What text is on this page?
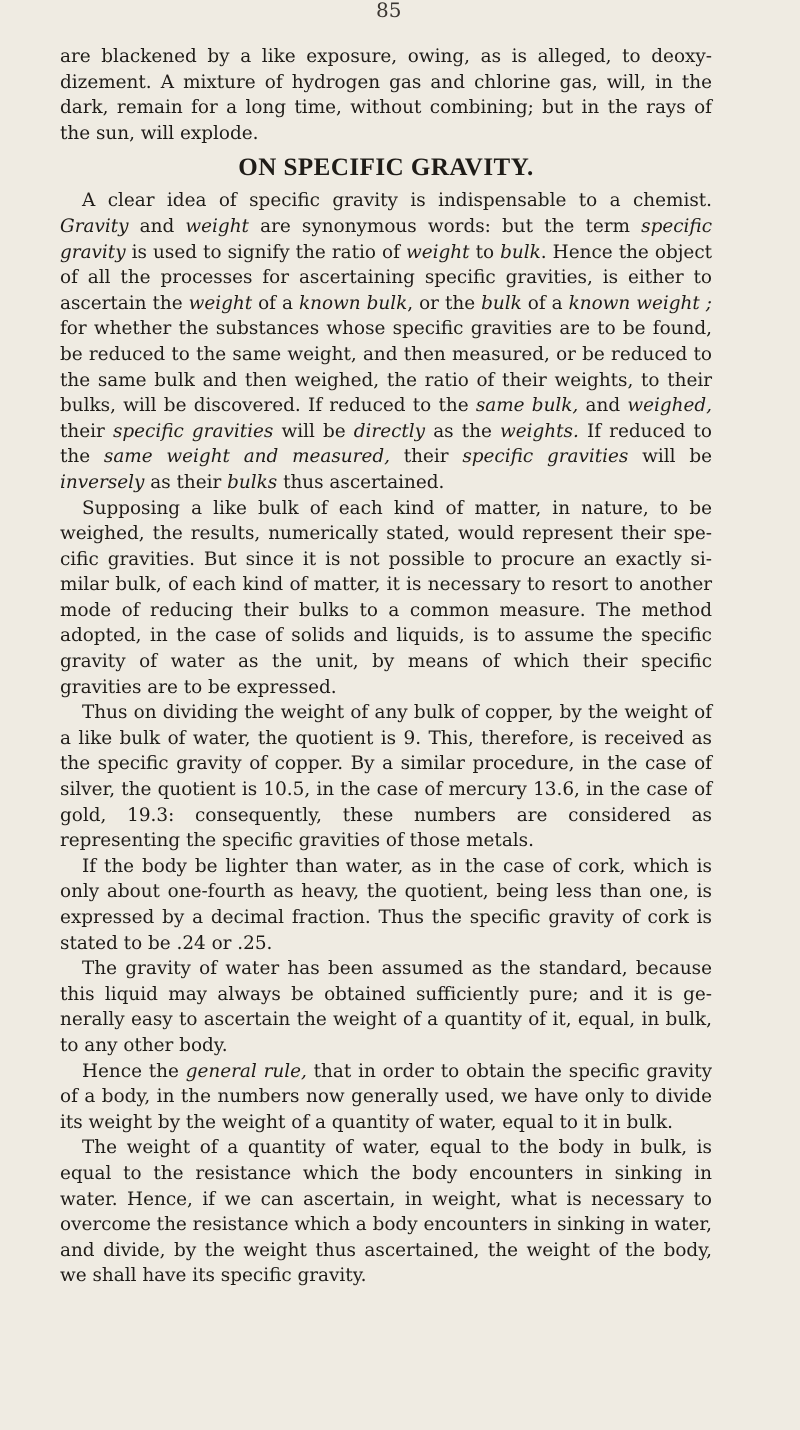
85

are blackened by a like exposure, owing, as is alleged, to deoxydizement. A mixture of hydrogen gas and chlorine gas, will, in the dark, remain for a long time, without combining; but in the rays of the sun, will explode.

ON SPECIFIC GRAVITY.

A clear idea of specific gravity is indispensable to a chemist. Gravity and weight are synonymous words: but the term specific gravity is used to signify the ratio of weight to bulk. Hence the object of all the processes for ascertaining specific gravities, is either to ascertain the weight of a known bulk, or the bulk of a known weight ; for whether the substances whose specific gravities are to be found, be reduced to the same weight, and then measured, or be reduced to the same bulk and then weighed, the ratio of their weights, to their bulks, will be discovered. If reduced to the same bulk, and weighed, their specific gravities will be directly as the weights. If reduced to the same weight and measured, their specific gravities will be inversely as their bulks thus ascertained.

Supposing a like bulk of each kind of matter, in nature, to be weighed, the results, numerically stated, would represent their specific gravities. But since it is not possible to procure an exactly similar bulk, of each kind of matter, it is necessary to resort to another mode of reducing their bulks to a common measure. The method adopted, in the case of solids and liquids, is to assume the specific gravity of water as the unit, by means of which their specific gravities are to be expressed.

Thus on dividing the weight of any bulk of copper, by the weight of a like bulk of water, the quotient is 9. This, therefore, is received as the specific gravity of copper. By a similar procedure, in the case of silver, the quotient is 10.5, in the case of mercury 13.6, in the case of gold, 19.3: consequently, these numbers are considered as representing the specific gravities of those metals.

If the body be lighter than water, as in the case of cork, which is only about one-fourth as heavy, the quotient, being less than one, is expressed by a decimal fraction. Thus the specific gravity of cork is stated to be .24 or .25.

The gravity of water has been assumed as the standard, because this liquid may always be obtained sufficiently pure; and it is generally easy to ascertain the weight of a quantity of it, equal, in bulk, to any other body.

Hence the general rule, that in order to obtain the specific gravity of a body, in the numbers now generally used, we have only to divide its weight by the weight of a quantity of water, equal to it in bulk.

The weight of a quantity of water, equal to the body in bulk, is equal to the resistance which the body encounters in sinking in water. Hence, if we can ascertain, in weight, what is necessary to overcome the resistance which a body encounters in sinking in water, and divide, by the weight thus ascertained, the weight of the body, we shall have its specific gravity.
